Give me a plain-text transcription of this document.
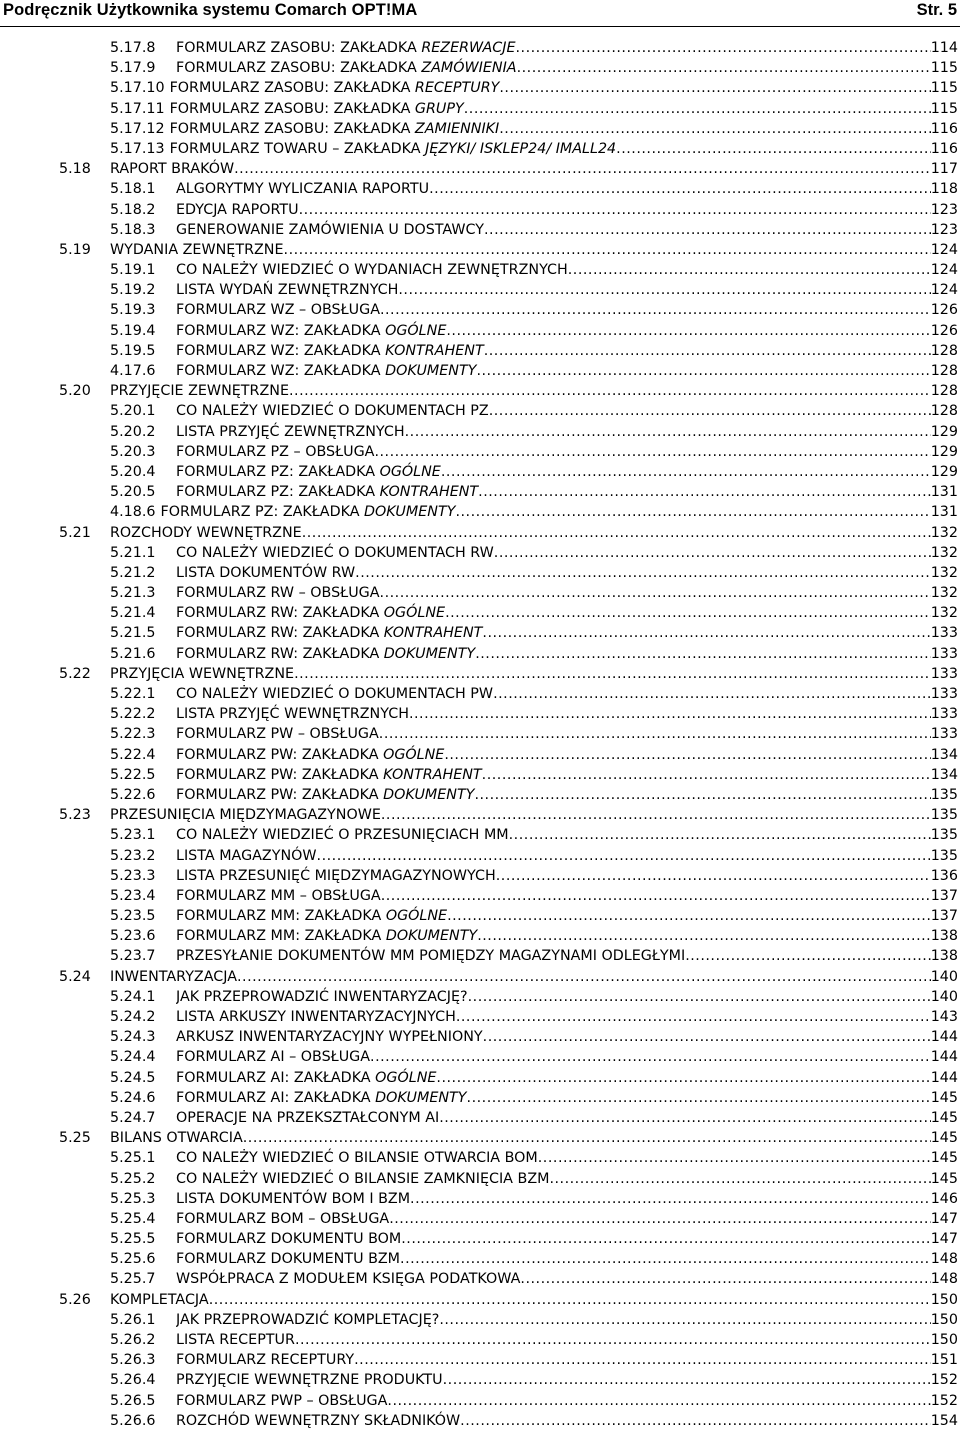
Podręcznik Użytkownika systemu Comarch OPT!MA	Str. 5
5.17.8 FORMULARZ ZASOBU: ZAKŁADKA REZERWACJE .....	114
5.17.9 FORMULARZ ZASOBU: ZAKŁADKA ZAMÓWIENIA .....	115
5.17.10 FORMULARZ ZASOBU: ZAKŁADKA RECEPTURY .....	115
5.17.11 FORMULARZ ZASOBU: ZAKŁADKA GRUPY .....	115
5.17.12 FORMULARZ ZASOBU: ZAKŁADKA ZAMIENNIKI .....	116
5.17.13 FORMULARZ TOWARU – ZAKŁADKA JĘZYKI/ ISKLEP24/ IMALL24 .....	116
5.18 RAPORT BRAKÓW .....	117
5.18.1 ALGORYTMY WYLICZANIA RAPORTU .....	118
5.18.2 EDYCJA RAPORTU .....	123
5.18.3 GENEROWANIE ZAMÓWIENIA U DOSTAWCY .....	123
5.19 WYDANIA ZEWNĘTRZNE .....	124
5.19.1 CO NALEŻY WIEDZIEĆ O WYDANIACH ZEWNĘTRZNYCH .....	124
5.19.2 LISTA WYDAŃ ZEWNĘTRZNYCH .....	124
5.19.3 FORMULARZ WZ – OBSŁUGA .....	126
5.19.4 FORMULARZ WZ: ZAKŁADKA OGÓLNE .....	126
5.19.5 FORMULARZ WZ: ZAKŁADKA KONTRAHENT .....	128
4.17.6 FORMULARZ WZ: ZAKŁADKA DOKUMENTY .....	128
5.20 PRZYJĘCIE ZEWNĘTRZNE .....	128
5.20.1 CO NALEŻY WIEDZIEĆ O DOKUMENTACH PZ .....	128
5.20.2 LISTA PRZYJĘĆ ZEWNĘTRZNYCH .....	129
5.20.3 FORMULARZ PZ – OBSŁUGA .....	129
5.20.4 FORMULARZ PZ: ZAKŁADKA OGÓLNE .....	129
5.20.5 FORMULARZ PZ: ZAKŁADKA KONTRAHENT .....	131
4.18.6 FORMULARZ PZ: ZAKŁADKA DOKUMENTY .....	131
5.21 ROZCHODY WEWNĘTRZNE .....	132
5.21.1 CO NALEŻY WIEDZIEĆ O DOKUMENTACH RW .....	132
5.21.2 LISTA DOKUMENTÓW RW .....	132
5.21.3 FORMULARZ RW – OBSŁUGA .....	132
5.21.4 FORMULARZ RW: ZAKŁADKA OGÓLNE .....	132
5.21.5 FORMULARZ RW: ZAKŁADKA KONTRAHENT .....	133
5.21.6 FORMULARZ RW: ZAKŁADKA DOKUMENTY .....	133
5.22 PRZYJĘCIA WEWNĘTRZNE .....	133
5.22.1 CO NALEŻY WIEDZIEĆ O DOKUMENTACH PW .....	133
5.22.2 LISTA PRZYJĘĆ WEWNĘTRZNYCH .....	133
5.22.3 FORMULARZ PW – OBSŁUGA .....	133
5.22.4 FORMULARZ PW: ZAKŁADKA OGÓLNE .....	134
5.22.5 FORMULARZ PW: ZAKŁADKA KONTRAHENT .....	134
5.22.6 FORMULARZ PW: ZAKŁADKA DOKUMENTY .....	135
5.23 PRZESUNIĘCIA MIĘDZYMAGAZYNOWE .....	135
5.23.1 CO NALEŻY WIEDZIEĆ O PRZESUNIĘCIACH MM .....	135
5.23.2 LISTA MAGAZYNÓW .....	135
5.23.3 LISTA PRZESUNIĘĆ MIĘDZYMAGAZYNOWYCH .....	136
5.23.4 FORMULARZ MM – OBSŁUGA .....	137
5.23.5 FORMULARZ MM: ZAKŁADKA OGÓLNE .....	137
5.23.6 FORMULARZ MM: ZAKŁADKA DOKUMENTY .....	138
5.23.7 PRZESYŁANIE DOKUMENTÓW MM POMIĘDZY MAGAZYNAMI ODLEGŁYMI .....	138
5.24 INWENTARYZACJA .....	140
5.24.1 JAK PRZEPROWADZIĆ INWENTARYZACJĘ? .....	140
5.24.2 LISTA ARKUSZY INWENTARYZACYJNYCH .....	143
5.24.3 ARKUSZ INWENTARYZACYJNY WYPEŁNIONY .....	144
5.24.4 FORMULARZ AI – OBSŁUGA .....	144
5.24.5 FORMULARZ AI: ZAKŁADKA OGÓLNE .....	144
5.24.6 FORMULARZ AI: ZAKŁADKA DOKUMENTY .....	145
5.24.7 OPERACJE NA PRZEKSZTAŁCONYM AI .....	145
5.25 BILANS OTWARCIA .....	145
5.25.1 CO NALEŻY WIEDZIEĆ O BILANSIE OTWARCIA BOM .....	145
5.25.2 CO NALEŻY WIEDZIEĆ O BILANSIE ZAMKNIĘCIA BZM .....	145
5.25.3 LISTA DOKUMENTÓW BOM I BZM .....	146
5.25.4 FORMULARZ BOM – OBSŁUGA .....	147
5.25.5 FORMULARZ DOKUMENTU BOM .....	147
5.25.6 FORMULARZ DOKUMENTU BZM .....	148
5.25.7 WSPÓŁPRACA Z MODUŁEM KSIĘGA PODATKOWA .....	148
5.26 KOMPLETACJA .....	150
5.26.1 JAK PRZEPROWADZIĆ KOMPLETACJĘ? .....	150
5.26.2 LISTA RECEPTUR .....	150
5.26.3 FORMULARZ RECEPTURY .....	151
5.26.4 PRZYJĘCIE WEWNĘTRZNE PRODUKTU .....	152
5.26.5 FORMULARZ PWP – OBSŁUGA .....	152
5.26.6 ROZCHÓD WEWNĘTRZNY SKŁADNIKÓW .....	154
